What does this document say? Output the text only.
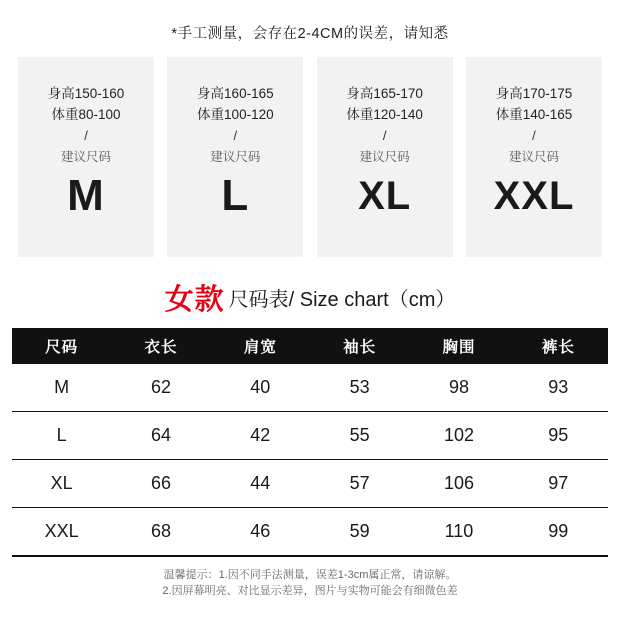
*手工测量，会存在2-4CM的误差，请知悉
身高150-160
体重80-100
/
建议尺码
M
身高160-165
体重100-120
/
建议尺码
L
身高165-170
体重120-140
/
建议尺码
XL
身高170-175
体重140-165
/
建议尺码
XXL
女款 尺码表/ Size chart（cm）
尺码	衣长	肩宽	袖长	胸围	裤长
M	62	40	53	98	93
L	64	42	55	102	95
XL	66	44	57	106	97
XXL	68	46	59	110	99
温馨提示：1.因不同手法测量，误差1-3cm属正常，请谅解。
2.因屏幕明亮、对比显示差异，图片与实物可能会有细微色差
